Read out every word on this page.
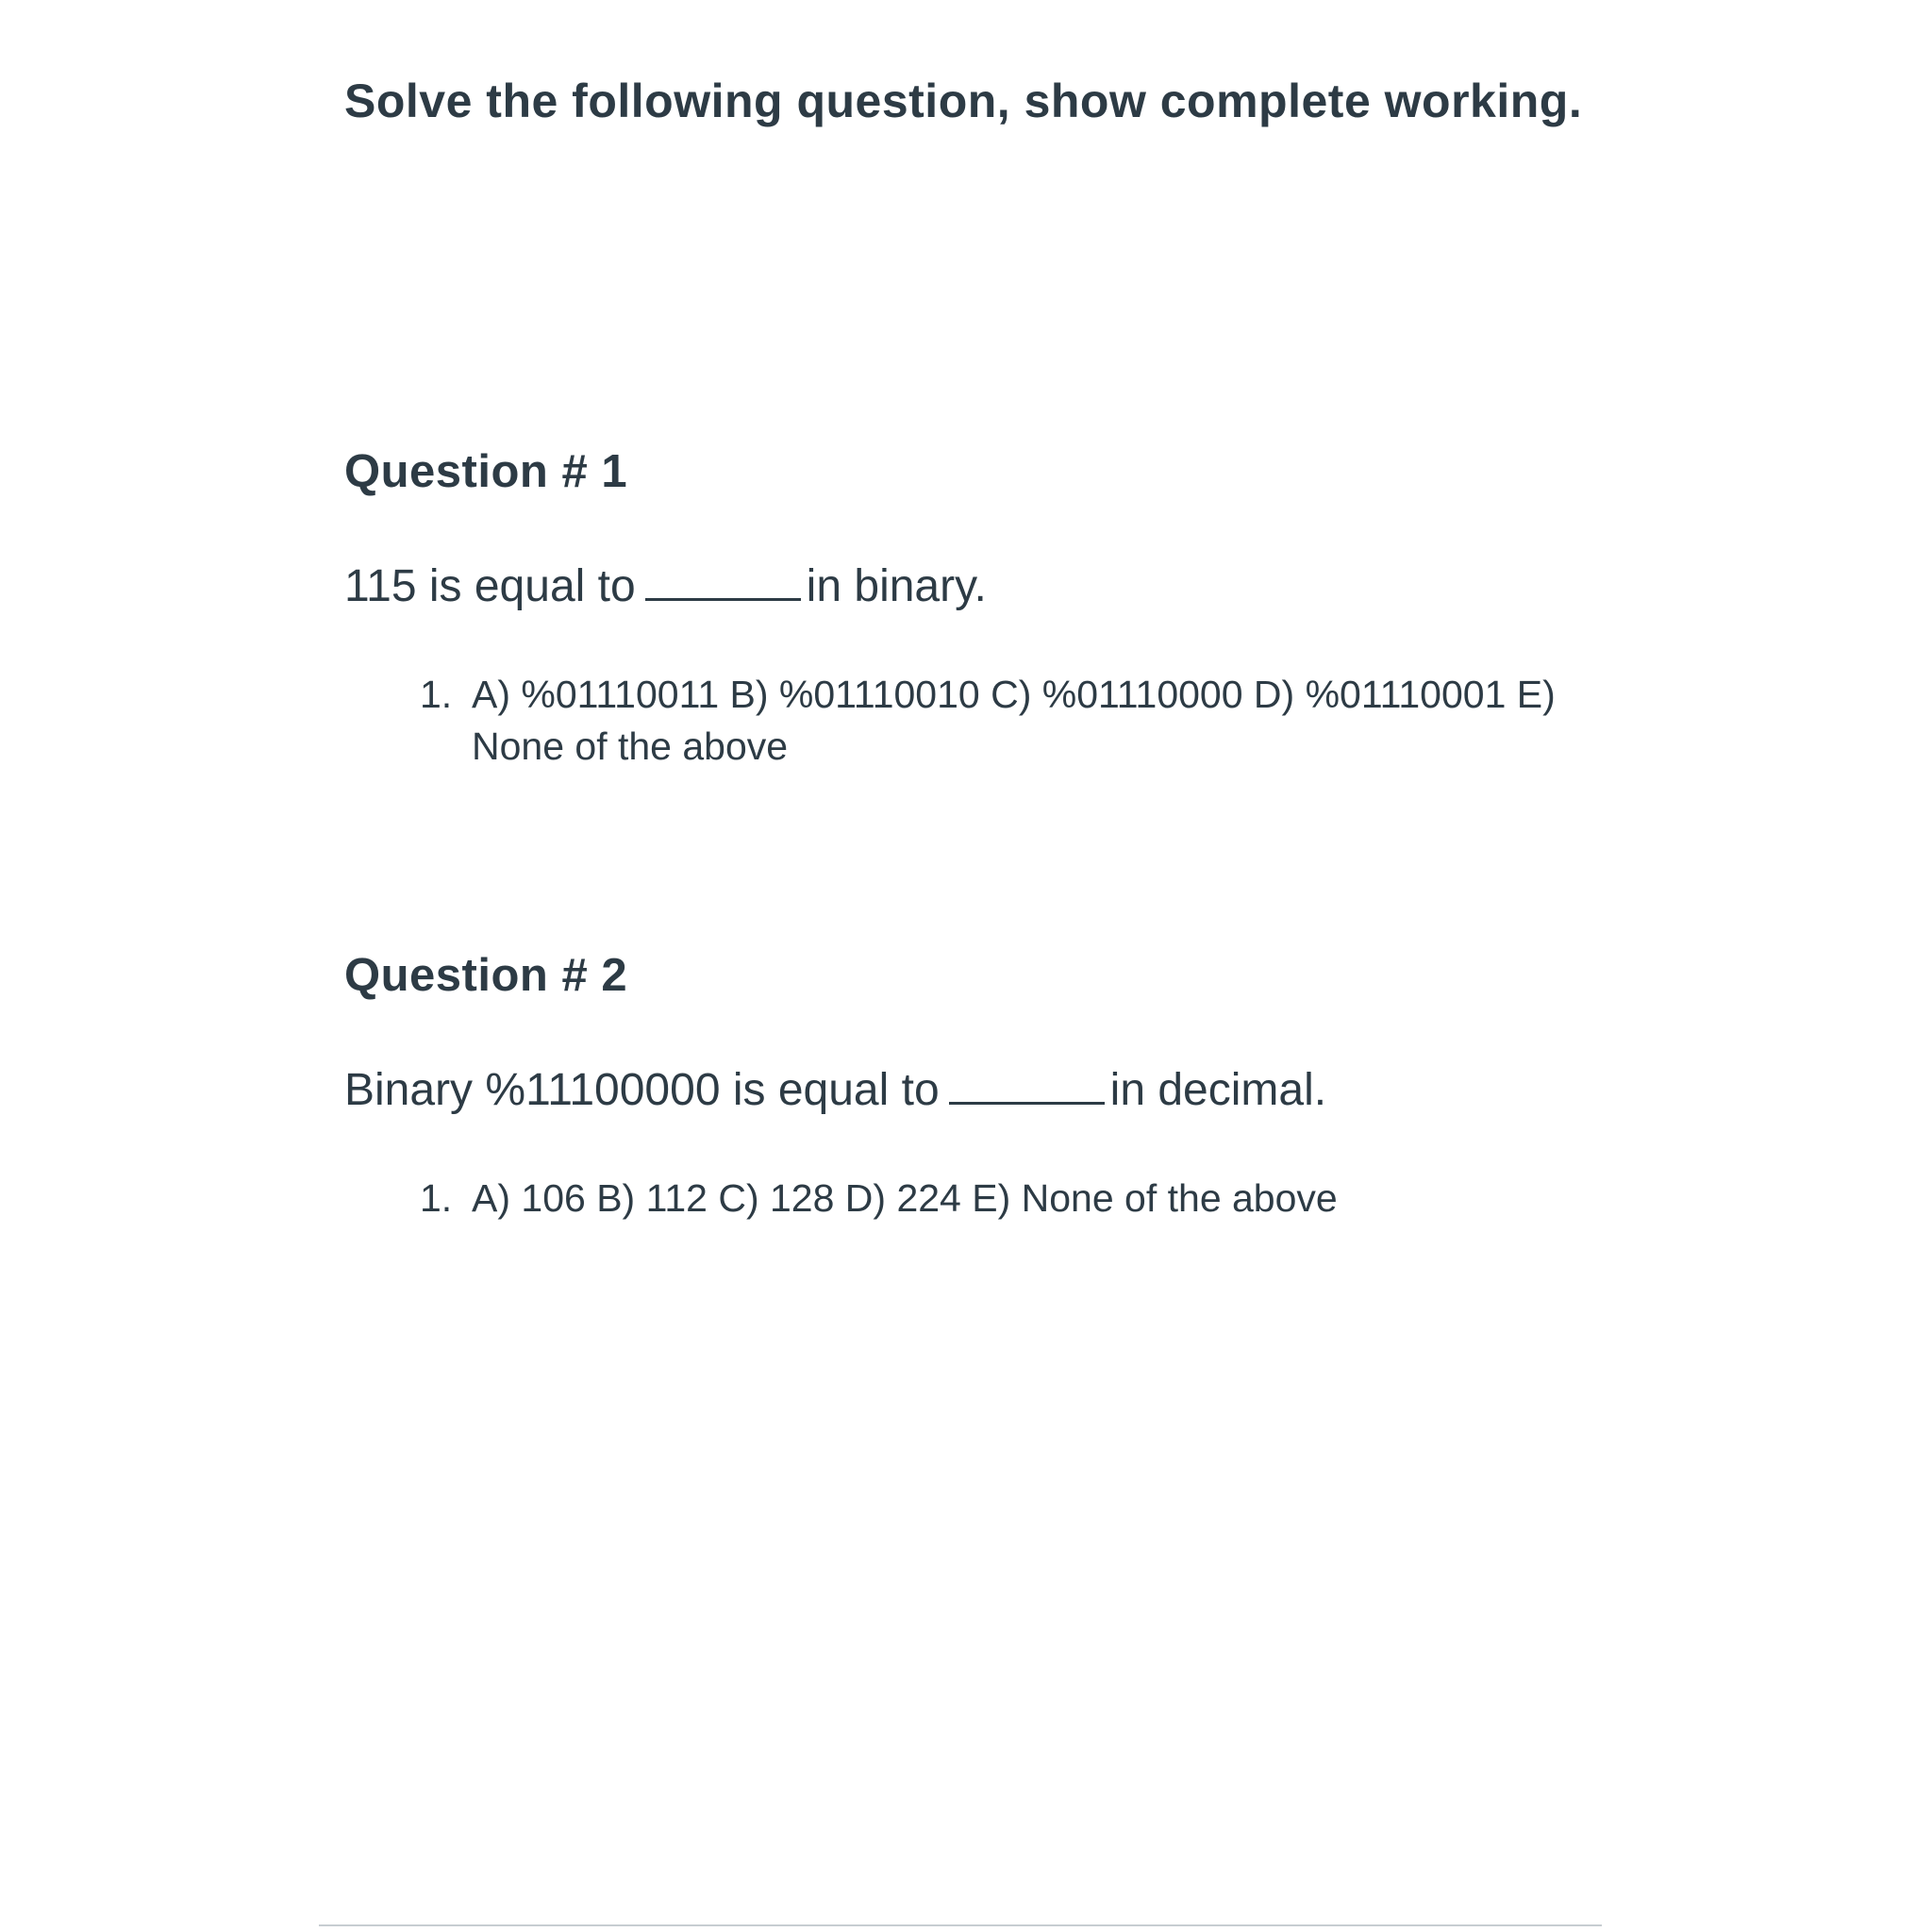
Solve the following question, show complete working.

Question # 1

115 is equal to	in binary.

1. A) %01110011 B) %01110010 C) %01110000 D) %01110001 E) None of the above
Question # 2

Binary %11100000 is equal to	in decimal.

1. A) 106 B) 112 C) 128 D) 224 E) None of the above
